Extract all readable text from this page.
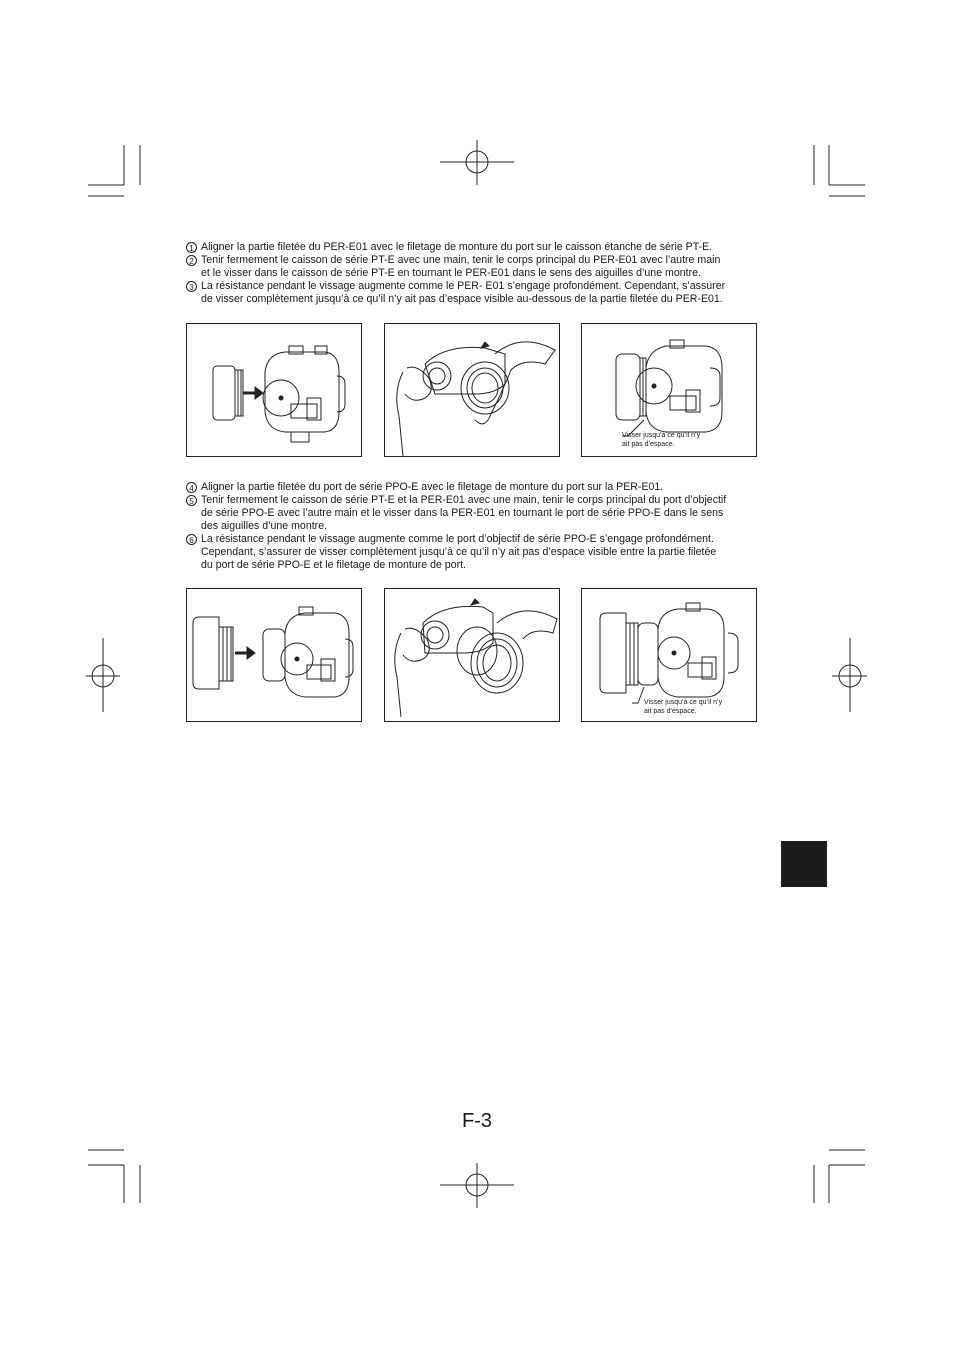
1 Aligner la partie filetée du PER-E01 avec le filetage de monture du port sur le caisson étanche de série PT-E.
2 Tenir fermement le caisson de série PT-E avec une main, tenir le corps principal du PER-E01 avec l’autre main
et le visser dans le caisson de série PT-E en tournant le PER-E01 dans le sens des aiguilles d’une montre.
3 La résistance pendant le vissage augmente comme le PER- E01 s’engage profondément. Cependant, s’assurer
de visser complètement jusqu’à ce qu’il n’y ait pas d’espace visible au-dessous de la partie filetée du PER-E01.
Visser jusqu’à ce qu’il n’y
ait pas d’espace.
4 Aligner la partie filetée du port de série PPO-E avec le filetage de monture du port sur la PER-E01.
5 Tenir fermement le caisson de série PT-E et la PER-E01 avec une main, tenir le corps principal du port d’objectif
de série PPO-E avec l’autre main et le visser dans la PER-E01 en tournant le port de série PPO-E dans le sens
des aiguilles d’une montre.
6 La résistance pendant le vissage augmente comme le port d’objectif de série PPO-E s’engage profondément.
Cependant, s’assurer de visser complètement jusqu’à ce qu’il n’y ait pas d’espace visible entre la partie filetée
du port de série PPO-E et le filetage de monture de port.
Visser jusqu’à ce qu’il n’y
ait pas d’espace.
F-3
